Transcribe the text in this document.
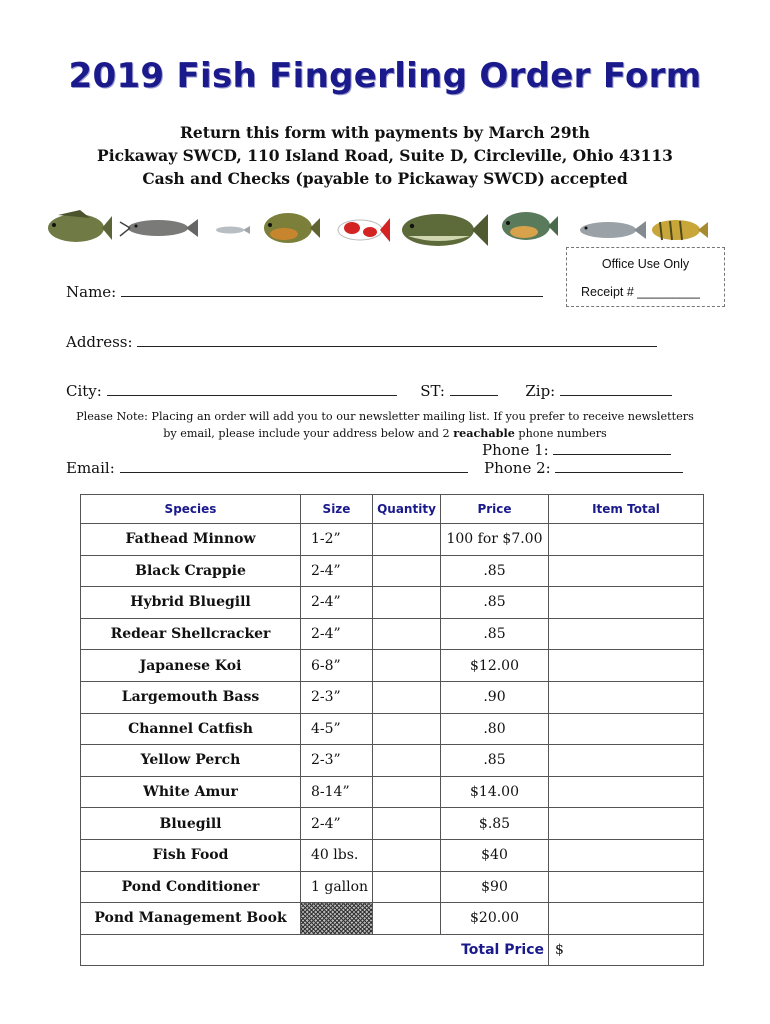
2019 Fish Fingerling Order Form
Return this form with payments by March 29th
Pickaway SWCD, 110 Island Road, Suite D, Circleville, Ohio 43113
Cash and Checks (payable to Pickaway SWCD) accepted
Office Use Only
Receipt # _________
Name:
Address:
City:	ST:	Zip:
Please Note: Placing an order will add you to our newsletter mailing list. If you prefer to receive newsletters
by email, please include your address below and 2 reachable phone numbers
Phone 1:
Email:	Phone 2:
Species	Size	Quantity	Price	Item Total
Fathead Minnow	1-2”		100 for $7.00	
Black Crappie	2-4”		.85	
Hybrid Bluegill	2-4”		.85	
Redear Shellcracker	2-4”		.85	
Japanese Koi	6-8”		$12.00	
Largemouth Bass	2-3”		.90	
Channel Catfish	4-5”		.80	
Yellow Perch	2-3”		.85	
White Amur	8-14”		$14.00	
Bluegill	2-4”		$.85	
Fish Food	40 lbs.		$40	
Pond Conditioner	1 gallon		$90	
Pond Management Book			$20.00	
Total Price				$
